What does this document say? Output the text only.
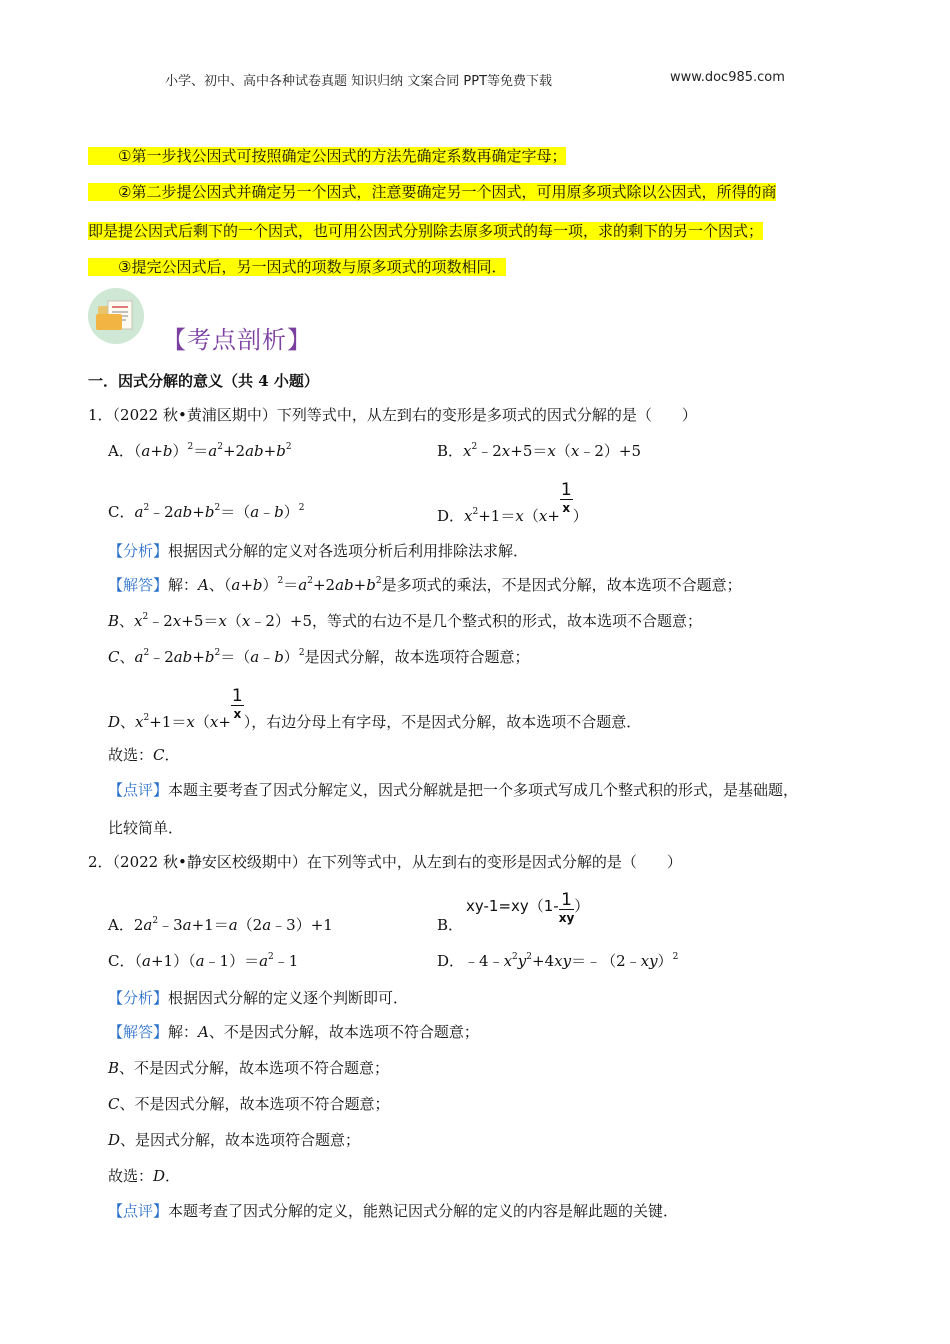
小学、初中、高中各种试卷真题 知识归纳 文案合同 PPT等免费下载	www.doc985.com
  ①第一步找公因式可按照确定公因式的方法先确定系数再确定字母；
  ②第二步提公因式并确定另一个因式，注意要确定另一个因式，可用原多项式除以公因式，所得的商
即是提公因式后剩下的一个因式，也可用公因式分别除去原多项式的每一项，求的剩下的另一个因式；
  ③提完公因式后，另一因式的项数与原多项式的项数相同．
【考点剖析】
一．因式分解的意义（共 4 小题）
1．（2022 秋•黄浦区期中）下列等式中，从左到右的变形是多项式的因式分解的是（　　）
A．$(a+b)^2=a^2+2ab+b^2$	B．$x^2﹣2x+5=x(x﹣2)+5$
C．$a^2﹣2ab+b^2=(a﹣b)^2$	D．$x^2+1=x(x+$
$\frac{1}{x}$
）
【分析】根据因式分解的定义对各选项分析后利用排除法求解．
【解答】解：A、$(a+b)^2=a^2+2ab+b^2$是多项式的乘法，不是因式分解，故本选项不合题意；
B、$x^2﹣2x+5=x(x﹣2)+5$，等式的右边不是几个整式积的形式，故本选项不合题意；
C、$a^2﹣2ab+b^2=(a﹣b)^2$是因式分解，故本选项符合题意；
D、$x^2+1=x(x+$
$\frac{1}{x}$
），右边分母上有字母，不是因式分解，故本选项不合题意．
故选：C．
【点评】本题主要考查了因式分解定义，因式分解就是把一个多项式写成几个整式积的形式，是基础题，
比较简单．
2．（2022 秋•静安区校级期中）在下列等式中，从左到右的变形是因式分解的是（　　）
A．$2a^2﹣3a+1=a(2a﹣3)+1$	B．
$xy-1=xy(1- \frac{1}{xy}$ ）
C．$(a+1)(a﹣1)=a^2﹣1$	D．$﹣4﹣x^2y^2+4xy=﹣(2﹣xy)^2$
【分析】根据因式分解的定义逐个判断即可．
【解答】解：A、不是因式分解，故本选项不符合题意；
B、不是因式分解，故本选项不符合题意；
C、不是因式分解，故本选项不符合题意；
D、是因式分解，故本选项符合题意；
故选：D．
【点评】本题考查了因式分解的定义，能熟记因式分解的定义的内容是解此题的关键．
